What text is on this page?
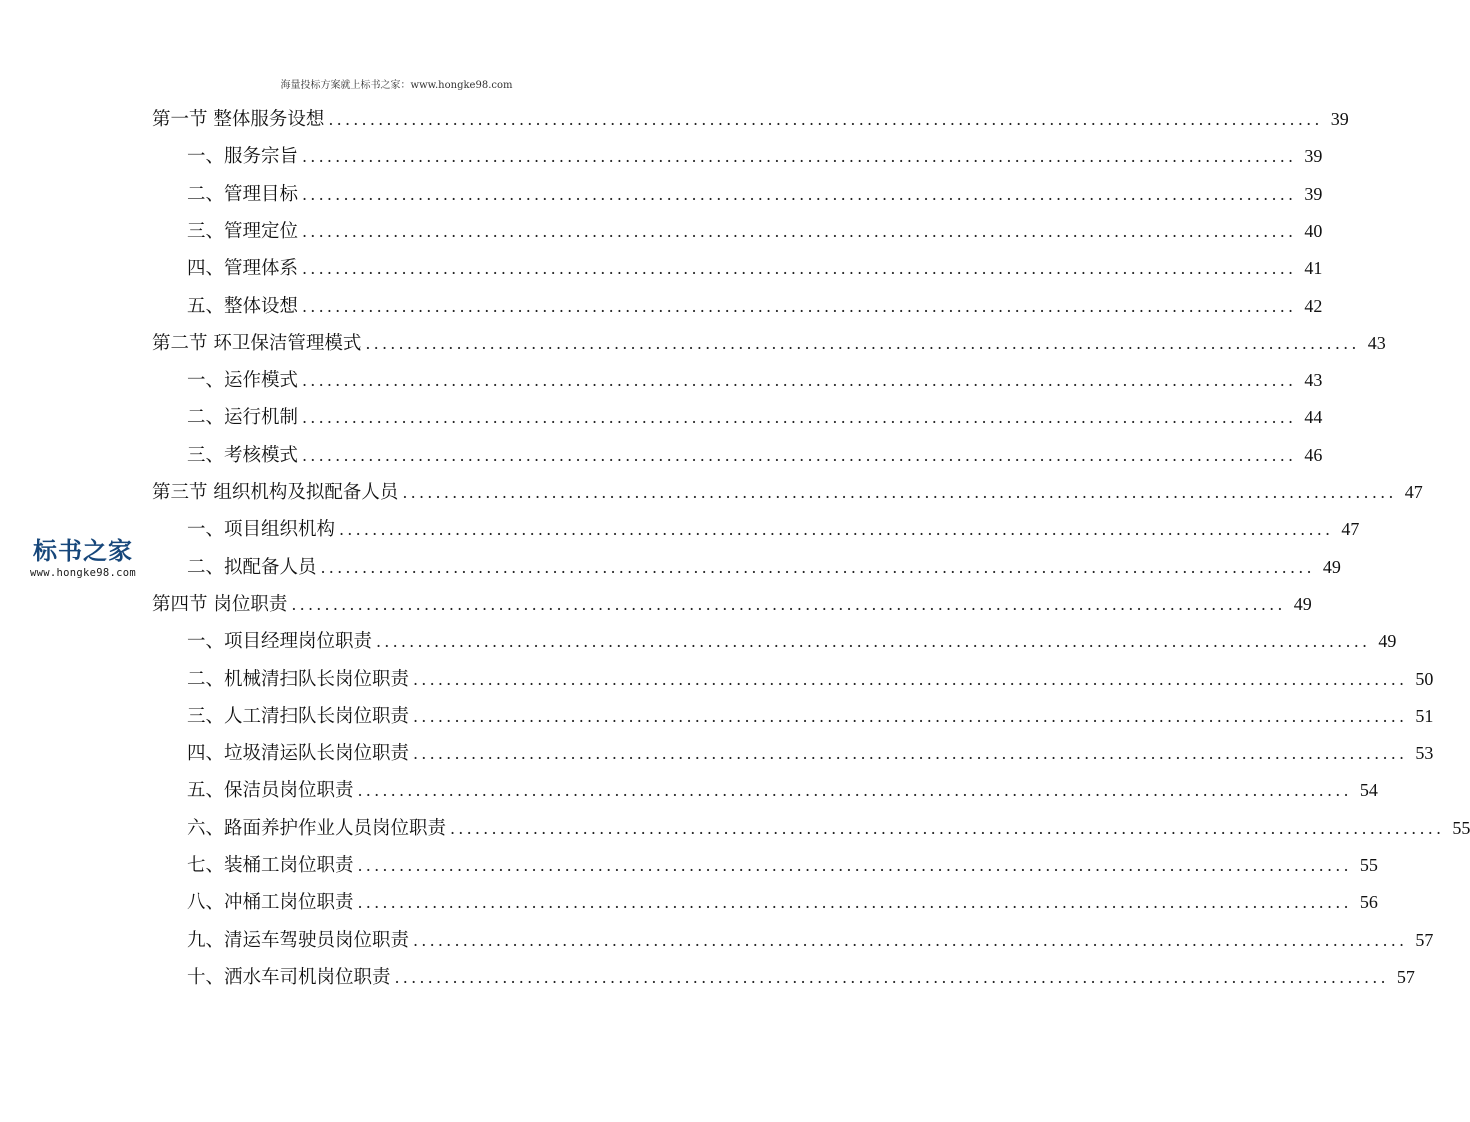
海量投标方案就上标书之家：www.hongke98.com
第一节 整体服务设想 ........................................................................................................................ 39
一、服务宗旨 ........................................................................................................................ 39
二、管理目标 ........................................................................................................................ 39
三、管理定位 ........................................................................................................................ 40
四、管理体系 ........................................................................................................................ 41
五、整体设想 ........................................................................................................................ 42
第二节 环卫保洁管理模式 ........................................................................................................................ 43
一、运作模式 ........................................................................................................................ 43
二、运行机制 ........................................................................................................................ 44
三、考核模式 ........................................................................................................................ 46
第三节 组织机构及拟配备人员 ........................................................................................................................ 47
一、项目组织机构 ........................................................................................................................ 47
二、拟配备人员 ........................................................................................................................ 49
第四节 岗位职责 ........................................................................................................................ 49
一、项目经理岗位职责 ........................................................................................................................ 49
二、机械清扫队长岗位职责 ........................................................................................................................ 50
三、人工清扫队长岗位职责 ........................................................................................................................ 51
四、垃圾清运队长岗位职责 ........................................................................................................................ 53
五、保洁员岗位职责 ........................................................................................................................ 54
六、路面养护作业人员岗位职责 ........................................................................................................................ 55
七、装桶工岗位职责 ........................................................................................................................ 55
八、冲桶工岗位职责 ........................................................................................................................ 56
九、清运车驾驶员岗位职责 ........................................................................................................................ 57
十、洒水车司机岗位职责 ........................................................................................................................ 57
标书之家
www.hongke98.com
